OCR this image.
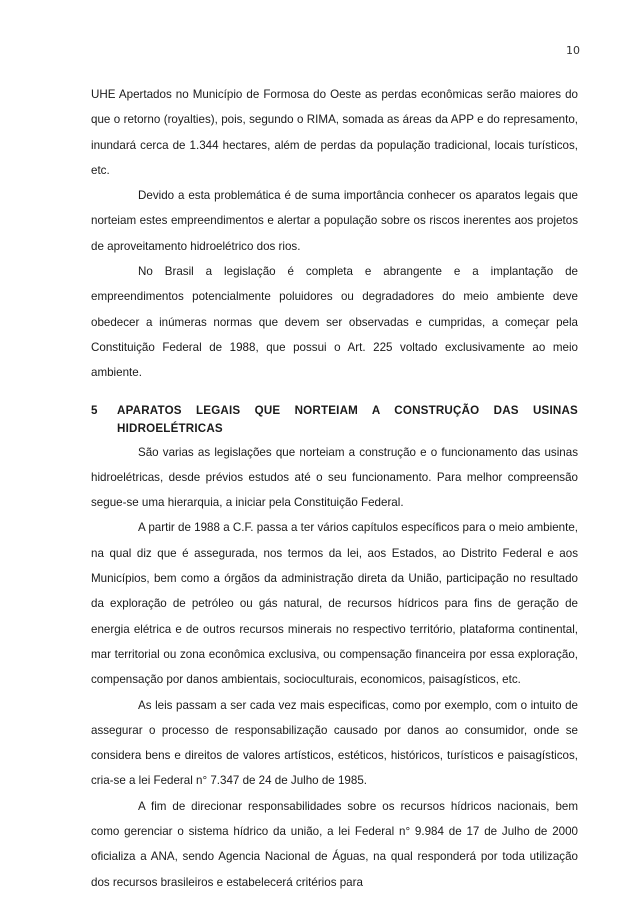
10

UHE Apertados no Município de Formosa do Oeste as perdas econômicas serão maiores do que o retorno (royalties), pois, segundo o RIMA, somada as áreas da APP e do represamento, inundará cerca de 1.344 hectares, além de perdas da população tradicional, locais turísticos, etc.

Devido a esta problemática é de suma importância conhecer os aparatos legais que norteiam estes empreendimentos e alertar a população sobre os riscos inerentes aos projetos de aproveitamento hidroelétrico dos rios.

No Brasil a legislação é completa e abrangente e a implantação de empreendimentos potencialmente poluidores ou degradadores do meio ambiente deve obedecer a inúmeras normas que devem ser observadas e cumpridas, a começar pela Constituição Federal de 1988, que possui o Art. 225 voltado exclusivamente ao meio ambiente.

5	APARATOS LEGAIS QUE NORTEIAM A CONSTRUÇÃO DAS USINAS HIDROELÉTRICAS

São varias as legislações que norteiam a construção e o funcionamento das usinas hidroelétricas, desde prévios estudos até o seu funcionamento. Para melhor compreensão segue-se uma hierarquia, a iniciar pela Constituição Federal.

A partir de 1988 a C.F. passa a ter vários capítulos específicos para o meio ambiente, na qual diz que é assegurada, nos termos da lei, aos Estados, ao Distrito Federal e aos Municípios, bem como a órgãos da administração direta da União, participação no resultado da exploração de petróleo ou gás natural, de recursos hídricos para fins de geração de energia elétrica e de outros recursos minerais no respectivo território, plataforma continental, mar territorial ou zona econômica exclusiva, ou compensação financeira por essa exploração, compensação por danos ambientais, socioculturais, economicos, paisagísticos, etc.

As leis passam a ser cada vez mais especificas, como por exemplo, com o intuito de assegurar o processo de responsabilização causado por danos ao consumidor, onde se considera bens e direitos de valores artísticos, estéticos, históricos, turísticos e paisagísticos, cria-se a lei Federal n° 7.347 de 24 de Julho de 1985.

A fim de direcionar responsabilidades sobre os recursos hídricos nacionais, bem como gerenciar o sistema hídrico da união, a lei Federal n° 9.984 de 17 de Julho de 2000 oficializa a ANA, sendo Agencia Nacional de Águas, na qual responderá por toda utilização dos recursos brasileiros e estabelecerá critérios para
